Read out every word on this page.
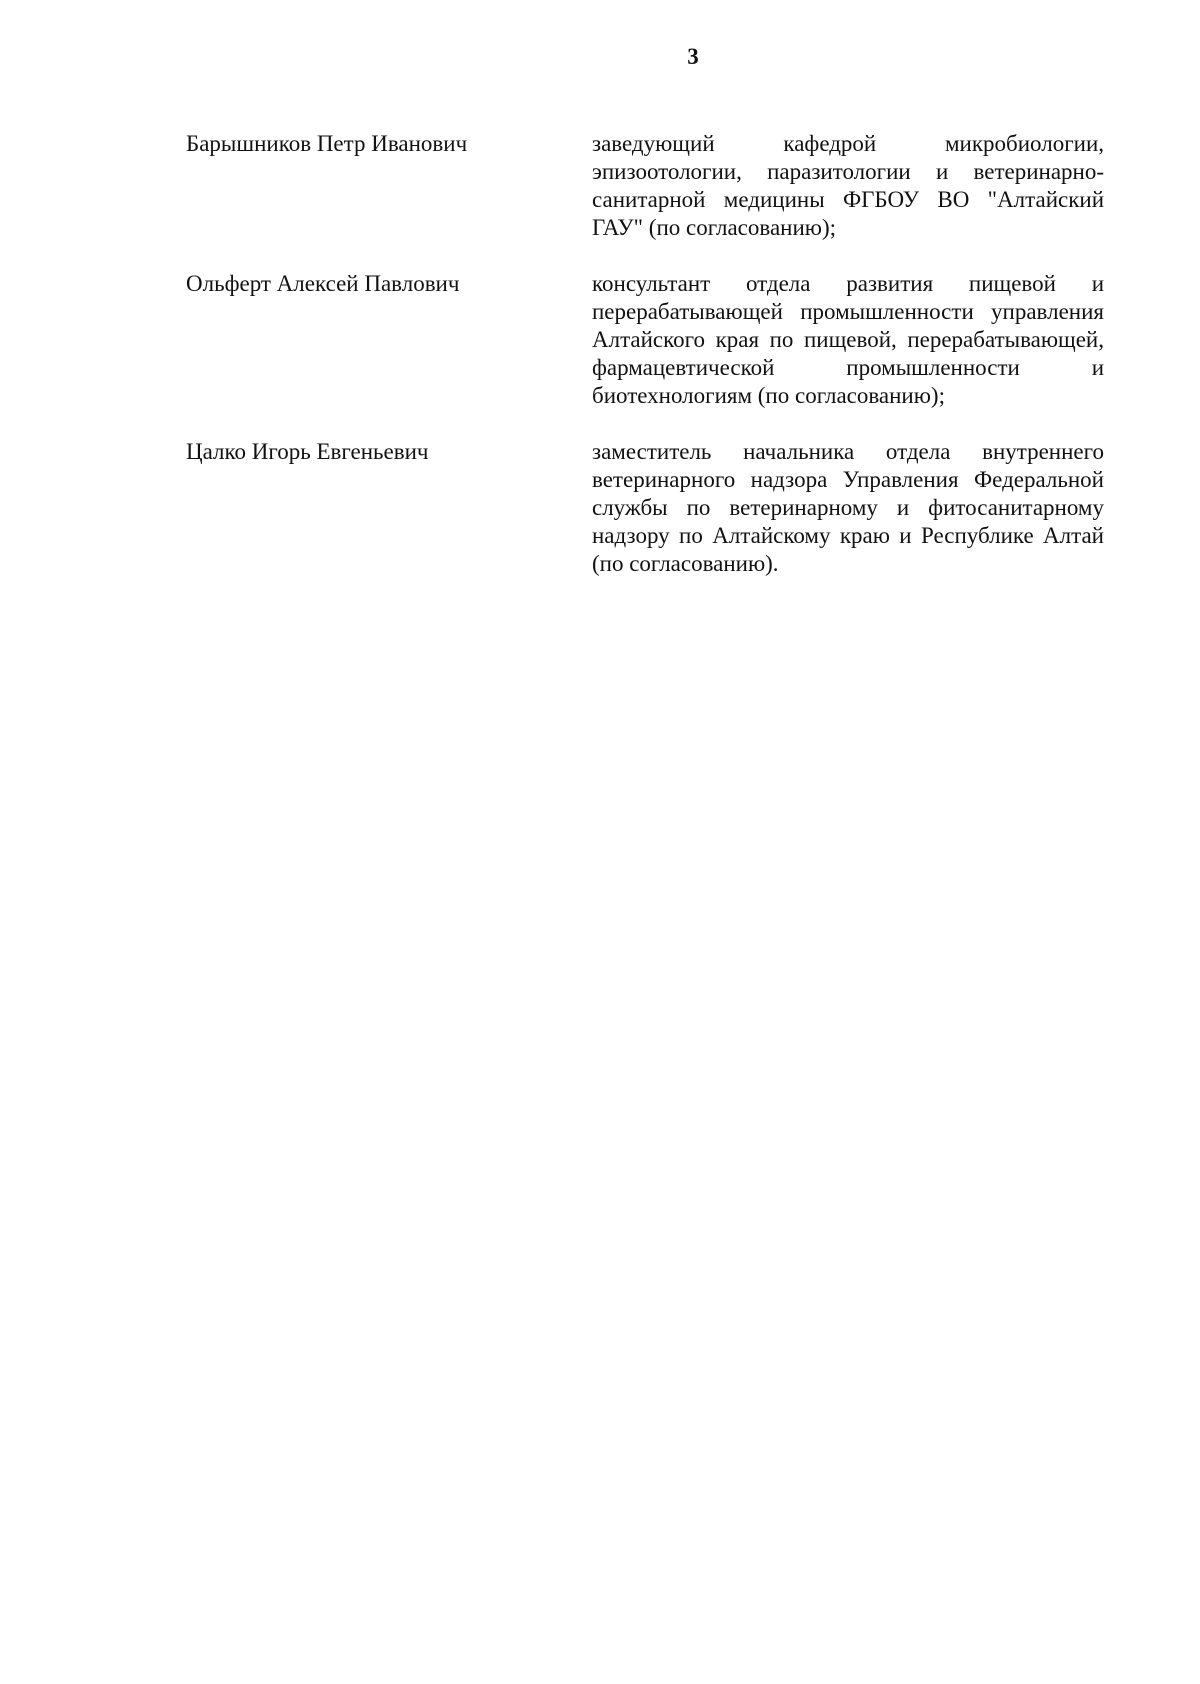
3
Барышников Петр Иванович	заведующий кафедрой микробиологии, эпизоотологии, паразитологии и ветеринарно-санитарной медицины ФГБОУ ВО "Алтайский ГАУ" (по согласованию);
Ольферт Алексей Павлович	консультант отдела развития пищевой и перерабатывающей промышленности управления Алтайского края по пищевой, перерабатывающей, фармацевтической промышленности и биотехнологиям (по согласованию);
Цалко Игорь Евгеньевич	заместитель начальника отдела внутреннего ветеринарного надзора Управления Федеральной службы по ветеринарному и фитосанитарному надзору по Алтайскому краю и Республике Алтай (по согласованию).
